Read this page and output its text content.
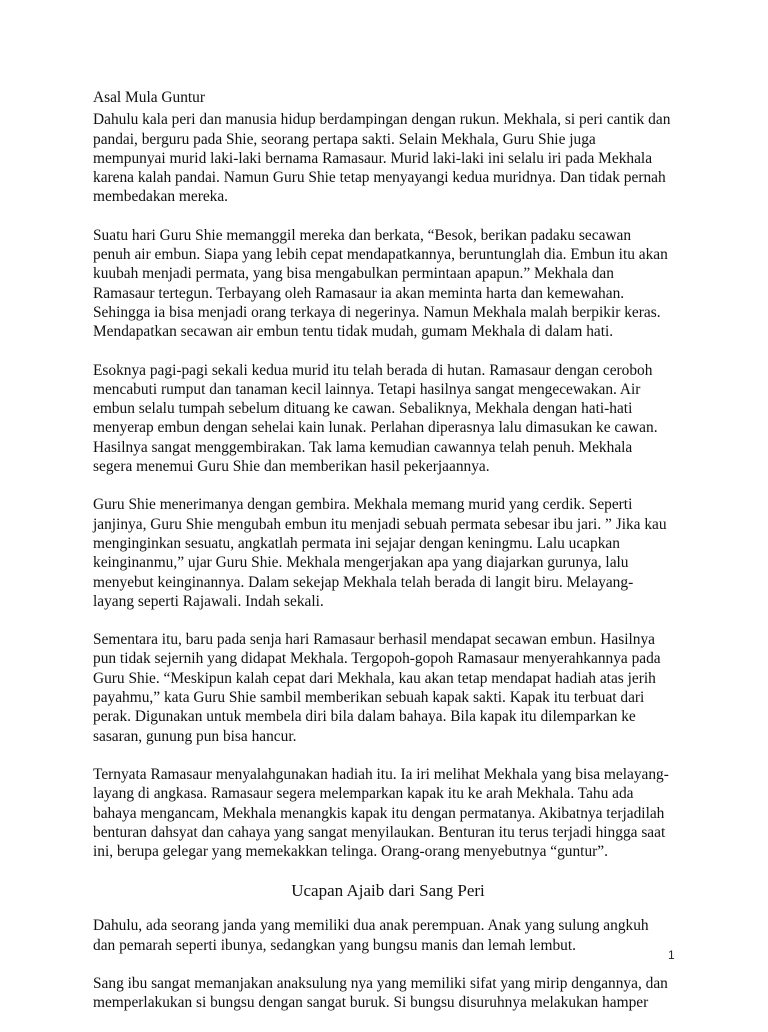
Asal Mula Guntur
Dahulu kala peri dan manusia hidup berdampingan dengan rukun. Mekhala, si peri cantik dan
pandai, berguru pada Shie, seorang pertapa sakti. Selain Mekhala, Guru Shie juga
mempunyai murid laki-laki bernama Ramasaur. Murid laki-laki ini selalu iri pada Mekhala
karena kalah pandai. Namun Guru Shie tetap menyayangi kedua muridnya. Dan tidak pernah
membedakan mereka.
Suatu hari Guru Shie memanggil mereka dan berkata, “Besok, berikan padaku secawan
penuh air embun. Siapa yang lebih cepat mendapatkannya, beruntunglah dia. Embun itu akan
kuubah menjadi permata, yang bisa mengabulkan permintaan apapun.” Mekhala dan
Ramasaur tertegun. Terbayang oleh Ramasaur ia akan meminta harta dan kemewahan.
Sehingga ia bisa menjadi orang terkaya di negerinya. Namun Mekhala malah berpikir keras.
Mendapatkan secawan air embun tentu tidak mudah, gumam Mekhala di dalam hati.
Esoknya pagi-pagi sekali kedua murid itu telah berada di hutan. Ramasaur dengan ceroboh
mencabuti rumput dan tanaman kecil lainnya. Tetapi hasilnya sangat mengecewakan. Air
embun selalu tumpah sebelum dituang ke cawan. Sebaliknya, Mekhala dengan hati-hati
menyerap embun dengan sehelai kain lunak. Perlahan diperasnya lalu dimasukan ke cawan.
Hasilnya sangat menggembirakan. Tak lama kemudian cawannya telah penuh. Mekhala
segera menemui Guru Shie dan memberikan hasil pekerjaannya.
Guru Shie menerimanya dengan gembira. Mekhala memang murid yang cerdik. Seperti
janjinya, Guru Shie mengubah embun itu menjadi sebuah permata sebesar ibu jari. ” Jika kau
menginginkan sesuatu, angkatlah permata ini sejajar dengan keningmu. Lalu ucapkan
keinginanmu,” ujar Guru Shie. Mekhala mengerjakan apa yang diajarkan gurunya, lalu
menyebut keinginannya. Dalam sekejap Mekhala telah berada di langit biru. Melayang-
layang seperti Rajawali. Indah sekali.
Sementara itu, baru pada senja hari Ramasaur berhasil mendapat secawan embun. Hasilnya
pun tidak sejernih yang didapat Mekhala. Tergopoh-gopoh Ramasaur menyerahkannya pada
Guru Shie. “Meskipun kalah cepat dari Mekhala, kau akan tetap mendapat hadiah atas jerih
payahmu,” kata Guru Shie sambil memberikan sebuah kapak sakti. Kapak itu terbuat dari
perak. Digunakan untuk membela diri bila dalam bahaya. Bila kapak itu dilemparkan ke
sasaran, gunung pun bisa hancur.
Ternyata Ramasaur menyalahgunakan hadiah itu. Ia iri melihat Mekhala yang bisa melayang-
layang di angkasa. Ramasaur segera melemparkan kapak itu ke arah Mekhala. Tahu ada
bahaya mengancam, Mekhala menangkis kapak itu dengan permatanya. Akibatnya terjadilah
benturan dahsyat dan cahaya yang sangat menyilaukan. Benturan itu terus terjadi hingga saat
ini, berupa gelegar yang memekakkan telinga. Orang-orang menyebutnya “guntur”.
Ucapan Ajaib dari Sang Peri
Dahulu, ada seorang janda yang memiliki dua anak perempuan. Anak yang sulung angkuh
dan pemarah seperti ibunya, sedangkan yang bungsu manis dan lemah lembut.
Sang ibu sangat memanjakan anaksulung nya yang memiliki sifat yang mirip dengannya, dan
memperlakukan si bungsu dengan sangat buruk. Si bungsu disuruhnya melakukan hamper
1
